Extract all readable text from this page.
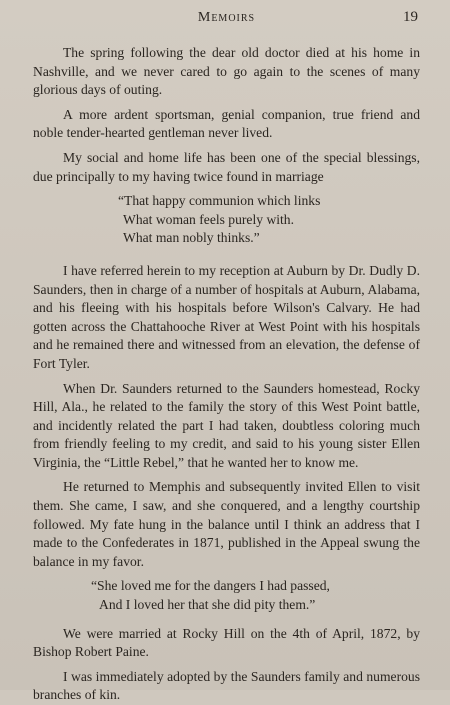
Memoirs	19

The spring following the dear old doctor died at his home in Nashville, and we never cared to go again to the scenes of many glorious days of outing.

A more ardent sportsman, genial companion, true friend and noble tender-hearted gentleman never lived.

My social and home life has been one of the special blessings, due principally to my having twice found in marriage

“That happy communion which links
What woman feels purely with.
What man nobly thinks.”

I have referred herein to my reception at Auburn by Dr. Dudly D. Saunders, then in charge of a number of hospitals at Auburn, Alabama, and his fleeing with his hospitals before Wilson's Calvary. He had gotten across the Chattahooche River at West Point with his hospitals and he remained there and witnessed from an elevation, the defense of Fort Tyler.

When Dr. Saunders returned to the Saunders homestead, Rocky Hill, Ala., he related to the family the story of this West Point battle, and incidently related the part I had taken, doubtless coloring much from friendly feeling to my credit, and said to his young sister Ellen Virginia, the “Little Rebel,” that he wanted her to know me.

He returned to Memphis and subsequently invited Ellen to visit them. She came, I saw, and she conquered, and a lengthy courtship followed. My fate hung in the balance until I think an address that I made to the Confederates in 1871, published in the Appeal swung the balance in my favor.

“She loved me for the dangers I had passed,
And I loved her that she did pity them.”

We were married at Rocky Hill on the 4th of April, 1872, by Bishop Robert Paine.

I was immediately adopted by the Saunders family and numerous branches of kin.
